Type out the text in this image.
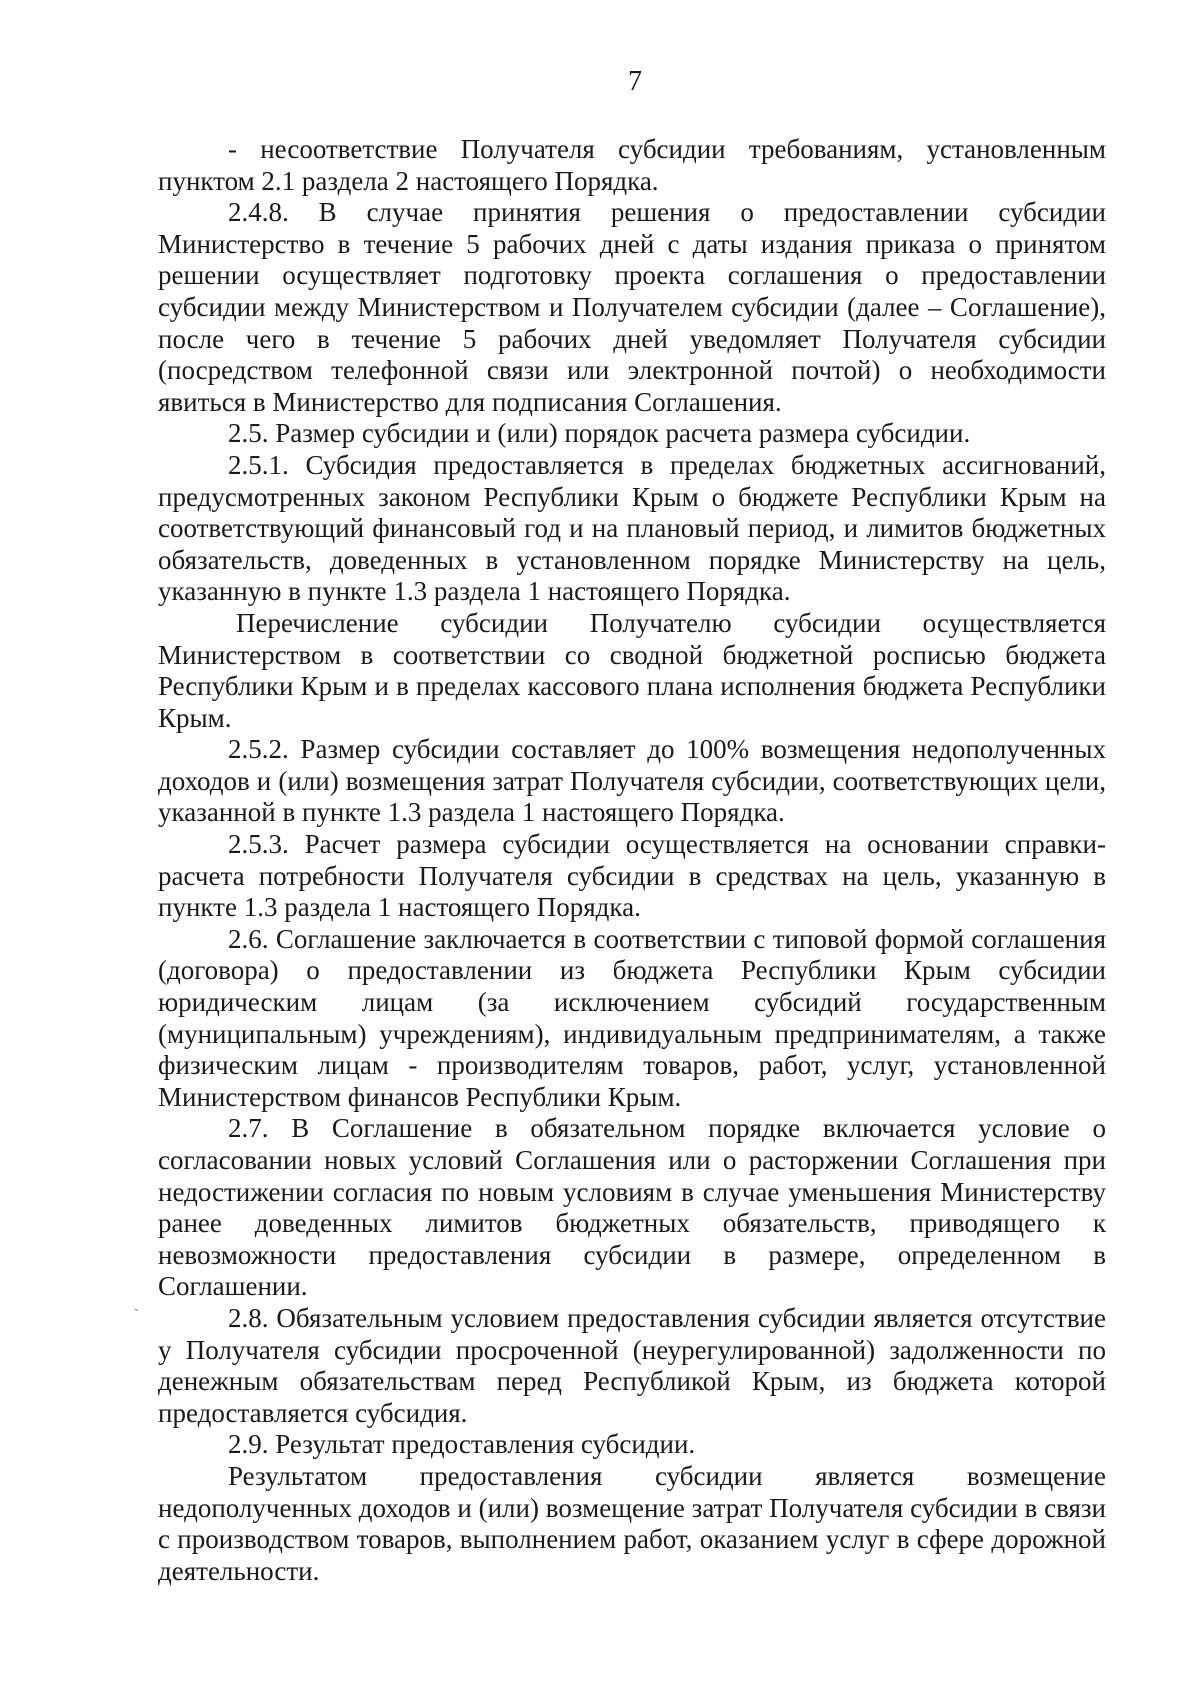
7

- несоответствие Получателя субсидии требованиям, установленным пунктом 2.1 раздела 2 настоящего Порядка.

2.4.8. В случае принятия решения о предоставлении субсидии Министерство в течение 5 рабочих дней с даты издания приказа о принятом решении осуществляет подготовку проекта соглашения о предоставлении субсидии между Министерством и Получателем субсидии (далее – Соглашение), после чего в течение 5 рабочих дней уведомляет Получателя субсидии (посредством телефонной связи или электронной почтой) о необходимости явиться в Министерство для подписания Соглашения.

2.5. Размер субсидии и (или) порядок расчета размера субсидии.

2.5.1. Субсидия предоставляется в пределах бюджетных ассигнований, предусмотренных законом Республики Крым о бюджете Республики Крым на соответствующий финансовый год и на плановый период, и лимитов бюджетных обязательств, доведенных в установленном порядке Министерству на цель, указанную в пункте 1.3 раздела 1 настоящего Порядка.

Перечисление субсидии Получателю субсидии осуществляется Министерством в соответствии со сводной бюджетной росписью бюджета Республики Крым и в пределах кассового плана исполнения бюджета Республики Крым.

2.5.2. Размер субсидии составляет до 100% возмещения недополученных доходов и (или) возмещения затрат Получателя субсидии, соответствующих цели, указанной в пункте 1.3 раздела 1 настоящего Порядка.

2.5.3. Расчет размера субсидии осуществляется на основании справки-расчета потребности Получателя субсидии в средствах на цель, указанную в пункте 1.3 раздела 1 настоящего Порядка.

2.6. Соглашение заключается в соответствии с типовой формой соглашения (договора) о предоставлении из бюджета Республики Крым субсидии юридическим лицам (за исключением субсидий государственным (муниципальным) учреждениям), индивидуальным предпринимателям, а также физическим лицам - производителям товаров, работ, услуг, установленной Министерством финансов Республики Крым.

2.7. В Соглашение в обязательном порядке включается условие о согласовании новых условий Соглашения или о расторжении Соглашения при недостижении согласия по новым условиям в случае уменьшения Министерству ранее доведенных лимитов бюджетных обязательств, приводящего к невозможности предоставления субсидии в размере, определенном в Соглашении.

2.8. Обязательным условием предоставления субсидии является отсутствие у Получателя субсидии просроченной (неурегулированной) задолженности по денежным обязательствам перед Республикой Крым, из бюджета которой предоставляется субсидия.

2.9. Результат предоставления субсидии.

Результатом предоставления субсидии является возмещение недополученных доходов и (или) возмещение затрат Получателя субсидии в связи с производством товаров, выполнением работ, оказанием услуг в сфере дорожной деятельности.

ˏ
